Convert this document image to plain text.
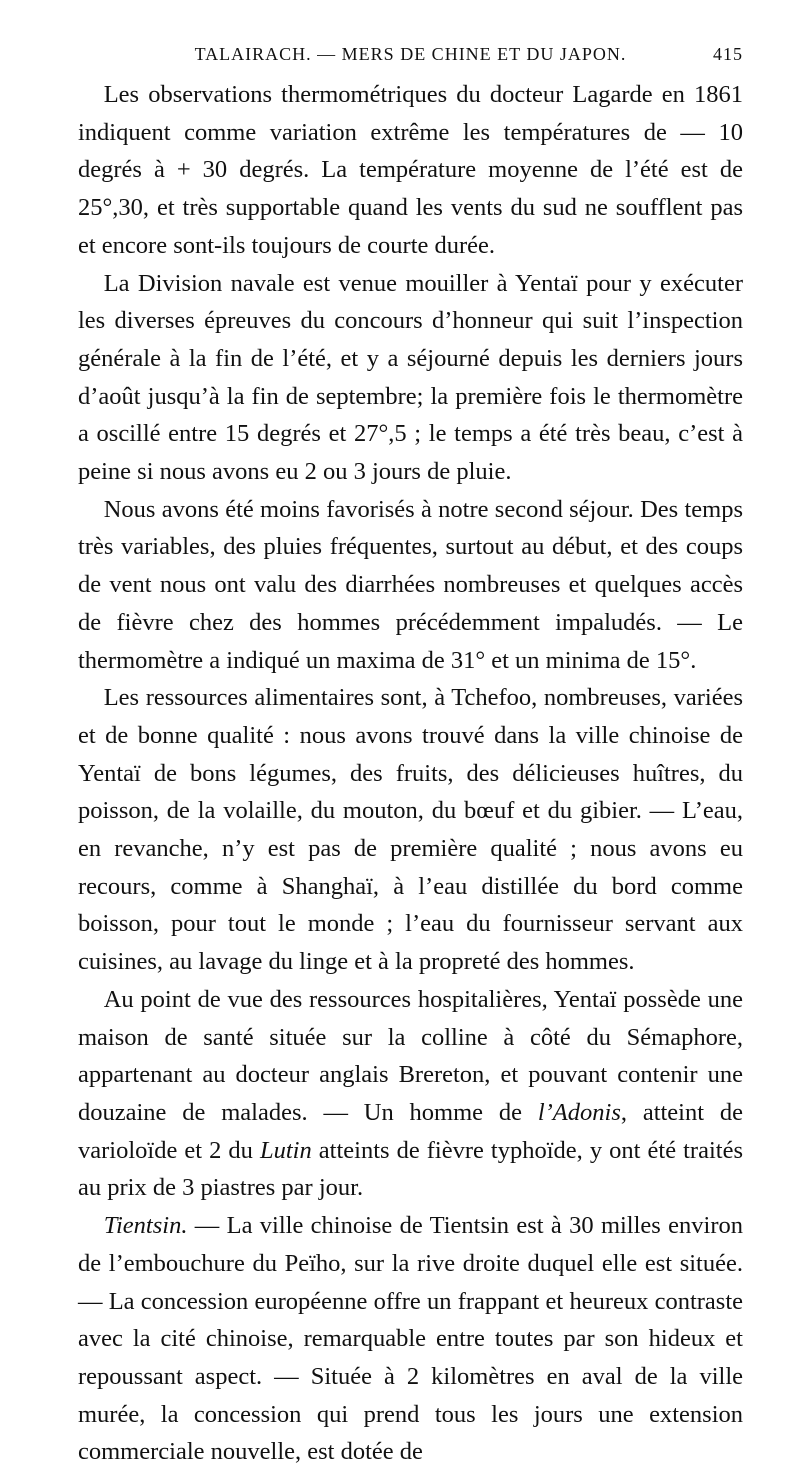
TALAIRACH. — MERS DE CHINE ET DU JAPON.	415

Les observations thermométriques du docteur Lagarde en 1861 indiquent comme variation extrême les températures de — 10 degrés à + 30 degrés. La température moyenne de l’été est de 25°,30, et très supportable quand les vents du sud ne soufflent pas et encore sont-ils toujours de courte durée.

La Division navale est venue mouiller à Yentaï pour y exécuter les diverses épreuves du concours d’honneur qui suit l’inspection générale à la fin de l’été, et y a séjourné depuis les derniers jours d’août jusqu’à la fin de septembre; la première fois le thermomètre a oscillé entre 15 degrés et 27°,5 ; le temps a été très beau, c’est à peine si nous avons eu 2 ou 3 jours de pluie.

Nous avons été moins favorisés à notre second séjour. Des temps très variables, des pluies fréquentes, surtout au début, et des coups de vent nous ont valu des diarrhées nombreuses et quelques accès de fièvre chez des hommes précédemment impaludés. — Le thermomètre a indiqué un maxima de 31° et un minima de 15°.

Les ressources alimentaires sont, à Tchefoo, nombreuses, variées et de bonne qualité : nous avons trouvé dans la ville chinoise de Yentaï de bons légumes, des fruits, des délicieuses huîtres, du poisson, de la volaille, du mouton, du bœuf et du gibier. — L’eau, en revanche, n’y est pas de première qualité ; nous avons eu recours, comme à Shanghaï, à l’eau distillée du bord comme boisson, pour tout le monde ; l’eau du fournisseur servant aux cuisines, au lavage du linge et à la propreté des hommes.

Au point de vue des ressources hospitalières, Yentaï possède une maison de santé située sur la colline à côté du Sémaphore, appartenant au docteur anglais Brereton, et pouvant contenir une douzaine de malades. — Un homme de l’Adonis, atteint de varioloïde et 2 du Lutin atteints de fièvre typhoïde, y ont été traités au prix de 3 piastres par jour.

Tientsin. — La ville chinoise de Tientsin est à 30 milles environ de l’embouchure du Peïho, sur la rive droite duquel elle est située. — La concession européenne offre un frappant et heureux contraste avec la cité chinoise, remarquable entre toutes par son hideux et repoussant aspect. — Située à 2 kilomètres en aval de la ville murée, la concession qui prend tous les jours une extension commerciale nouvelle, est dotée de
